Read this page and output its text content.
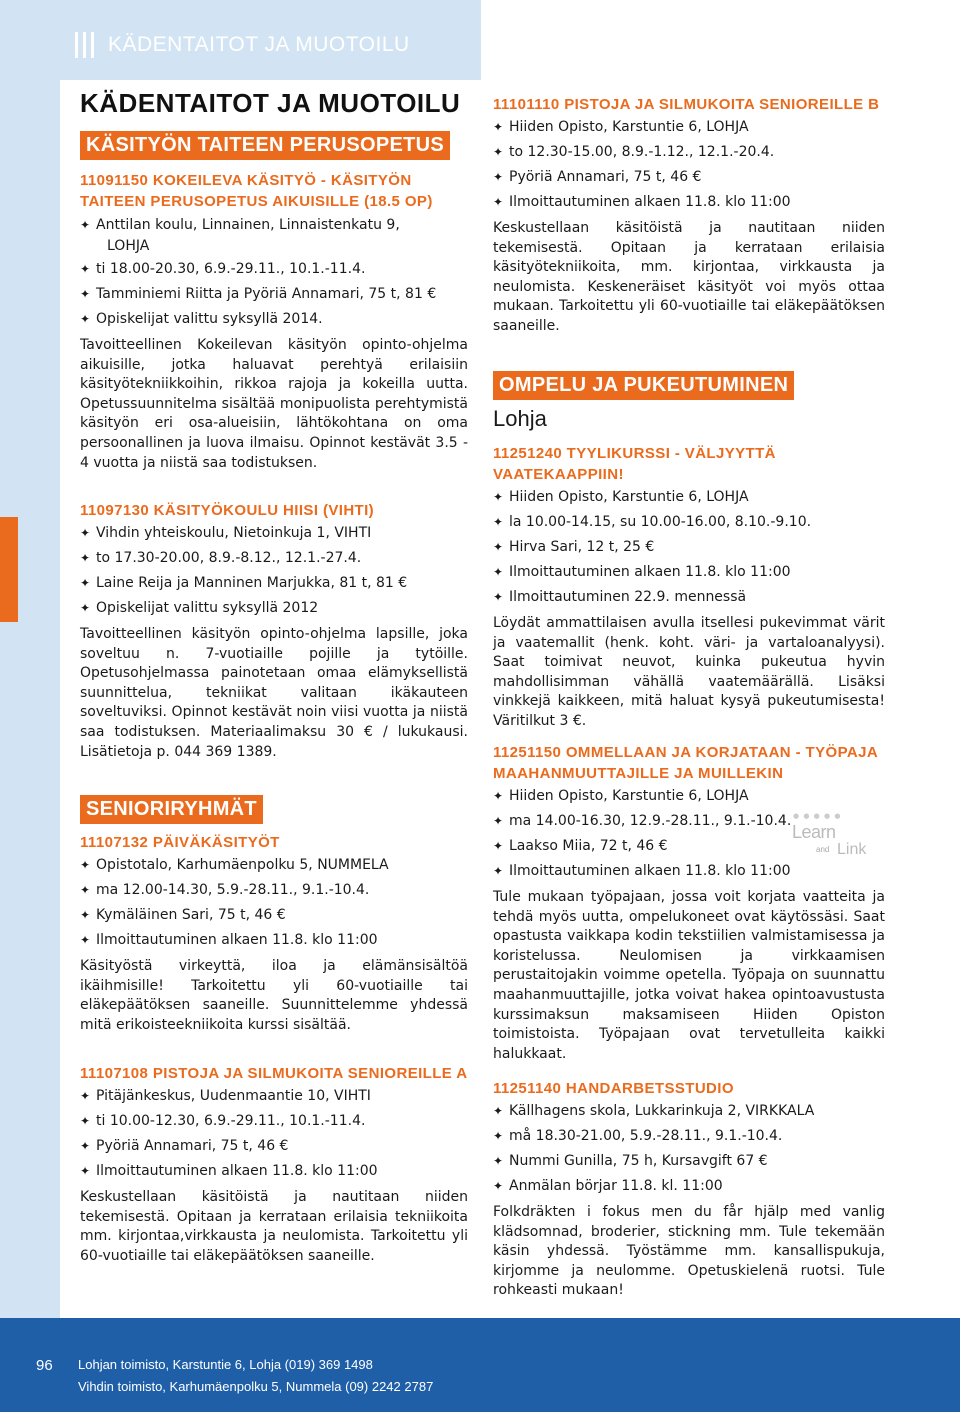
KÄDENTAITOT JA MUOTOILU
KÄDENTAITOT JA MUOTOILU
KÄSITYÖN TAITEEN PERUSOPETUS
11091150 KOKEILEVA KÄSITYÖ - KÄSITYÖN TAITEEN PERUSOPETUS AIKUISILLE (18.5 OP)
✦ Anttilan koulu, Linnainen, Linnaistenkatu 9,
LOHJA
✦ ti 18.00-20.30, 6.9.-29.11., 10.1.-11.4.
✦ Tamminiemi Riitta ja Pyöriä Annamari, 75 t, 81 €
✦ Opiskelijat valittu syksyllä 2014.
Tavoitteellinen Kokeilevan käsityön opinto-ohjelma aikuisille, jotka haluavat perehtyä erilaisiin käsityötekniikkoihin, rikkoa rajoja ja kokeilla uutta. Opetussuunnitelma sisältää monipuolista perehtymistä käsityön eri osa-alueisiin, lähtökohtana on oma persoonallinen ja luova ilmaisu. Opinnot kestävät 3.5 - 4 vuotta ja niistä saa todistuksen.
11097130 KÄSITYÖKOULU HIISI (VIHTI)
✦ Vihdin yhteiskoulu, Nietoinkuja 1, VIHTI
✦ to 17.30-20.00, 8.9.-8.12., 12.1.-27.4.
✦ Laine Reija ja Manninen Marjukka, 81 t, 81 €
✦ Opiskelijat valittu syksyllä 2012
Tavoitteellinen käsityön opinto-ohjelma lapsille, joka soveltuu n. 7-vuotiaille pojille ja tytöille. Opetusohjelmassa painotetaan omaa elämyksellistä suunnittelua, tekniikat valitaan ikäkauteen soveltuviksi. Opinnot kestävät noin viisi vuotta ja niistä saa todistuksen. Materiaalimaksu 30 € / lukukausi. Lisätietoja p. 044 369 1389.
SENIORIRYHMÄT
11107132 PÄIVÄKÄSITYÖT
✦ Opistotalo, Karhumäenpolku 5, NUMMELA
✦ ma 12.00-14.30, 5.9.-28.11., 9.1.-10.4.
✦ Kymäläinen Sari, 75 t, 46 €
✦ Ilmoittautuminen alkaen 11.8. klo 11:00
Käsityöstä virkeyttä, iloa ja elämänsisältöä ikäihmisille! Tarkoitettu yli 60-vuotiaille tai eläkepäätöksen saaneille. Suunnittelemme yhdessä mitä erikoisteekniikoita kurssi sisältää.
11107108 PISTOJA JA SILMUKOITA SENIOREILLE A
✦ Pitäjänkeskus, Uudenmaantie 10, VIHTI
✦ ti 10.00-12.30, 6.9.-29.11., 10.1.-11.4.
✦ Pyöriä Annamari, 75 t, 46 €
✦ Ilmoittautuminen alkaen 11.8. klo 11:00
Keskustellaan käsitöistä ja nautitaan niiden tekemisestä. Opitaan ja kerrataan erilaisia tekniikoita mm. kirjontaa,virkkausta ja neulomista. Tarkoitettu yli 60-vuotiaille tai eläkepäätöksen saaneille.
11101110 PISTOJA JA SILMUKOITA SENIOREILLE B
✦ Hiiden Opisto, Karstuntie 6, LOHJA
✦ to 12.30-15.00, 8.9.-1.12., 12.1.-20.4.
✦ Pyöriä Annamari, 75 t, 46 €
✦ Ilmoittautuminen alkaen 11.8. klo 11:00
Keskustellaan käsitöistä ja nautitaan niiden tekemisestä. Opitaan ja kerrataan erilaisia käsityötekniikoita, mm. kirjontaa, virkkausta ja neulomista. Keskeneräiset käsityöt voi myös ottaa mukaan. Tarkoitettu yli 60-vuotiaille tai eläkepäätöksen saaneille.
OMPELU JA PUKEUTUMINEN
Lohja
11251240 TYYLIKURSSI - VÄLJYYTTÄ VAATEKAAPPIIN!
✦ Hiiden Opisto, Karstuntie 6, LOHJA
✦ la 10.00-14.15, su 10.00-16.00, 8.10.-9.10.
✦ Hirva Sari, 12 t, 25 €
✦ Ilmoittautuminen alkaen 11.8. klo 11:00
✦ Ilmoittautuminen 22.9. mennessä
Löydät ammattilaisen avulla itsellesi pukevimmat värit ja vaatemallit (henk. koht. väri- ja vartaloanalyysi). Saat toimivat neuvot, kuinka pukeutua hyvin mahdollisimman vähällä vaatemäärällä. Lisäksi vinkkejä kaikkeen, mitä haluat kysyä pukeutumisesta! Väritilkut 3 €.
11251150 OMMELLAAN JA KORJATAAN - TYÖPAJA MAAHANMUUTTAJILLE JA MUILLEKIN
✦ Hiiden Opisto, Karstuntie 6, LOHJA
✦ ma 14.00-16.30, 12.9.-28.11., 9.1.-10.4.
✦ Laakso Miia, 72 t, 46 €
✦ Ilmoittautuminen alkaen 11.8. klo 11:00
Tule mukaan työpajaan, jossa voit korjata vaatteita ja tehdä myös uutta, ompelukoneet ovat käytössäsi. Saat opastusta vaikkapa kodin tekstiilien valmistamisessa ja koristelussa. Neulomisen ja virkkaamisen perustaitojakin voimme opetella. Työpaja on suunnattu maahanmuuttajille, jotka voivat hakea opintoavustusta kurssimaksun maksamiseen Hiiden Opiston toimistoista. Työpajaan ovat tervetulleita kaikki halukkaat.
● ● ● ● ●
Learn
and Link
11251140 HANDARBETSSTUDIO
✦ Källhagens skola, Lukkarinkuja 2, VIRKKALA
✦ må 18.30-21.00, 5.9.-28.11., 9.1.-10.4.
✦ Nummi Gunilla, 75 h, Kursavgift 67 €
✦ Anmälan börjar 11.8. kl. 11:00
Folkdräkten i fokus men du får hjälp med vanlig klädsomnad, broderier, stickning mm. Tule tekemään käsin yhdessä. Työstämme mm. kansallispukuja, kirjomme ja neulomme. Opetuskielenä ruotsi. Tule rohkeasti mukaan!
96 Lohjan toimisto, Karstuntie 6, Lohja (019) 369 1498
Vihdin toimisto, Karhumäenpolku 5, Nummela (09) 2242 2787
